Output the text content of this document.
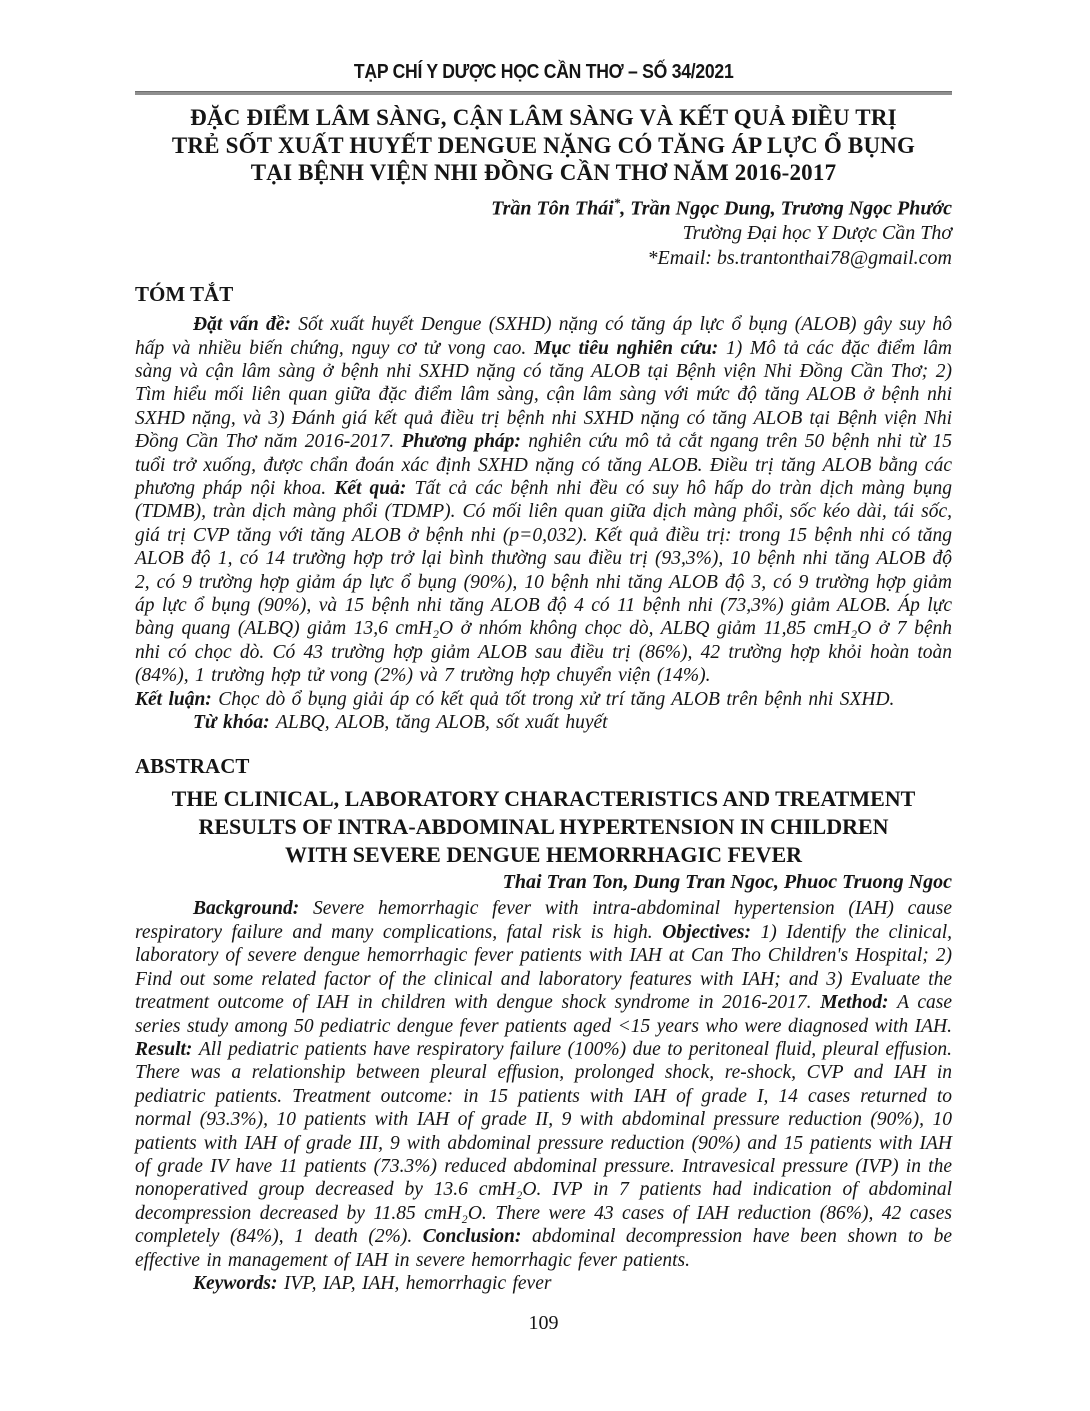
TẠP CHÍ Y DƯỢC HỌC CẦN THƠ – SỐ 34/2021
ĐẶC ĐIỂM LÂM SÀNG, CẬN LÂM SÀNG VÀ KẾT QUẢ ĐIỀU TRỊ
TRẺ SỐT XUẤT HUYẾT DENGUE NẶNG CÓ TĂNG ÁP LỰC Ổ BỤNG
TẠI BỆNH VIỆN NHI ĐỒNG CẦN THƠ NĂM 2016-2017
Trần Tôn Thái*, Trần Ngọc Dung, Trương Ngọc Phước
Trường Đại học Y Dược Cần Thơ
*Email: bs.trantonthai78@gmail.com
TÓM TẮT

Đặt vấn đề: Sốt xuất huyết Dengue (SXHD) nặng có tăng áp lực ổ bụng (ALOB) gây suy hô hấp và nhiều biến chứng, nguy cơ tử vong cao. Mục tiêu nghiên cứu: 1) Mô tả các đặc điểm lâm sàng và cận lâm sàng ở bệnh nhi SXHD nặng có tăng ALOB tại Bệnh viện Nhi Đồng Cần Thơ; 2) Tìm hiểu mối liên quan giữa đặc điểm lâm sàng, cận lâm sàng với mức độ tăng ALOB ở bệnh nhi SXHD nặng, và 3) Đánh giá kết quả điều trị bệnh nhi SXHD nặng có tăng ALOB tại Bệnh viện Nhi Đồng Cần Thơ năm 2016-2017. Phương pháp: nghiên cứu mô tả cắt ngang trên 50 bệnh nhi từ 15 tuổi trở xuống, được chẩn đoán xác định SXHD nặng có tăng ALOB. Điều trị tăng ALOB bằng các phương pháp nội khoa. Kết quả: Tất cả các bệnh nhi đều có suy hô hấp do tràn dịch màng bụng (TDMB), tràn dịch màng phổi (TDMP). Có mối liên quan giữa dịch màng phổi, sốc kéo dài, tái sốc, giá trị CVP tăng với tăng ALOB ở bệnh nhi (p=0,032). Kết quả điều trị: trong 15 bệnh nhi có tăng ALOB độ 1, có 14 trường hợp trở lại bình thường sau điều trị (93,3%), 10 bệnh nhi tăng ALOB độ 2, có 9 trường hợp giảm áp lực ổ bụng (90%), 10 bệnh nhi tăng ALOB độ 3, có 9 trường hợp giảm áp lực ổ bụng (90%), và 15 bệnh nhi tăng ALOB độ 4 có 11 bệnh nhi (73,3%) giảm ALOB. Áp lực bàng quang (ALBQ) giảm 13,6 cmH₂O ở nhóm không chọc dò, ALBQ giảm 11,85 cmH₂O ở 7 bệnh nhi có chọc dò. Có 43 trường hợp giảm ALOB sau điều trị (86%), 42 trường hợp khỏi hoàn toàn (84%), 1 trường hợp tử vong (2%) và 7 trường hợp chuyển viện (14%).

Kết luận: Chọc dò ổ bụng giải áp có kết quả tốt trong xử trí tăng ALOB trên bệnh nhi SXHD.

Từ khóa: ALBQ, ALOB, tăng ALOB, sốt xuất huyết

ABSTRACT
THE CLINICAL, LABORATORY CHARACTERISTICS AND TREATMENT
RESULTS OF INTRA-ABDOMINAL HYPERTENSION IN CHILDREN
WITH SEVERE DENGUE HEMORRHAGIC FEVER
Thai Tran Ton, Dung Tran Ngoc, Phuoc Truong Ngoc

Background: Severe hemorrhagic fever with intra-abdominal hypertension (IAH) cause respiratory failure and many complications, fatal risk is high. Objectives: 1) Identify the clinical, laboratory of severe dengue hemorrhagic fever patients with IAH at Can Tho Children's Hospital; 2) Find out some related factor of the clinical and laboratory features with IAH; and 3) Evaluate the treatment outcome of IAH in children with dengue shock syndrome in 2016-2017. Method: A case series study among 50 pediatric dengue fever patients aged <15 years who were diagnosed with IAH. Result: All pediatric patients have respiratory failure (100%) due to peritoneal fluid, pleural effusion. There was a relationship between pleural effusion, prolonged shock, re-shock, CVP and IAH in pediatric patients. Treatment outcome: in 15 patients with IAH of grade I, 14 cases returned to normal (93.3%), 10 patients with IAH of grade II, 9 with abdominal pressure reduction (90%), 10 patients with IAH of grade III, 9 with abdominal pressure reduction (90%) and 15 patients with IAH of grade IV have 11 patients (73.3%) reduced abdominal pressure. Intravesical pressure (IVP) in the nonoperatived group decreased by 13.6 cmH₂O. IVP in 7 patients had indication of abdominal decompression decreased by 11.85 cmH₂O. There were 43 cases of IAH reduction (86%), 42 cases completely (84%), 1 death (2%). Conclusion: abdominal decompression have been shown to be effective in management of IAH in severe hemorrhagic fever patients.

Keywords: IVP, IAP, IAH, hemorrhagic fever

109
